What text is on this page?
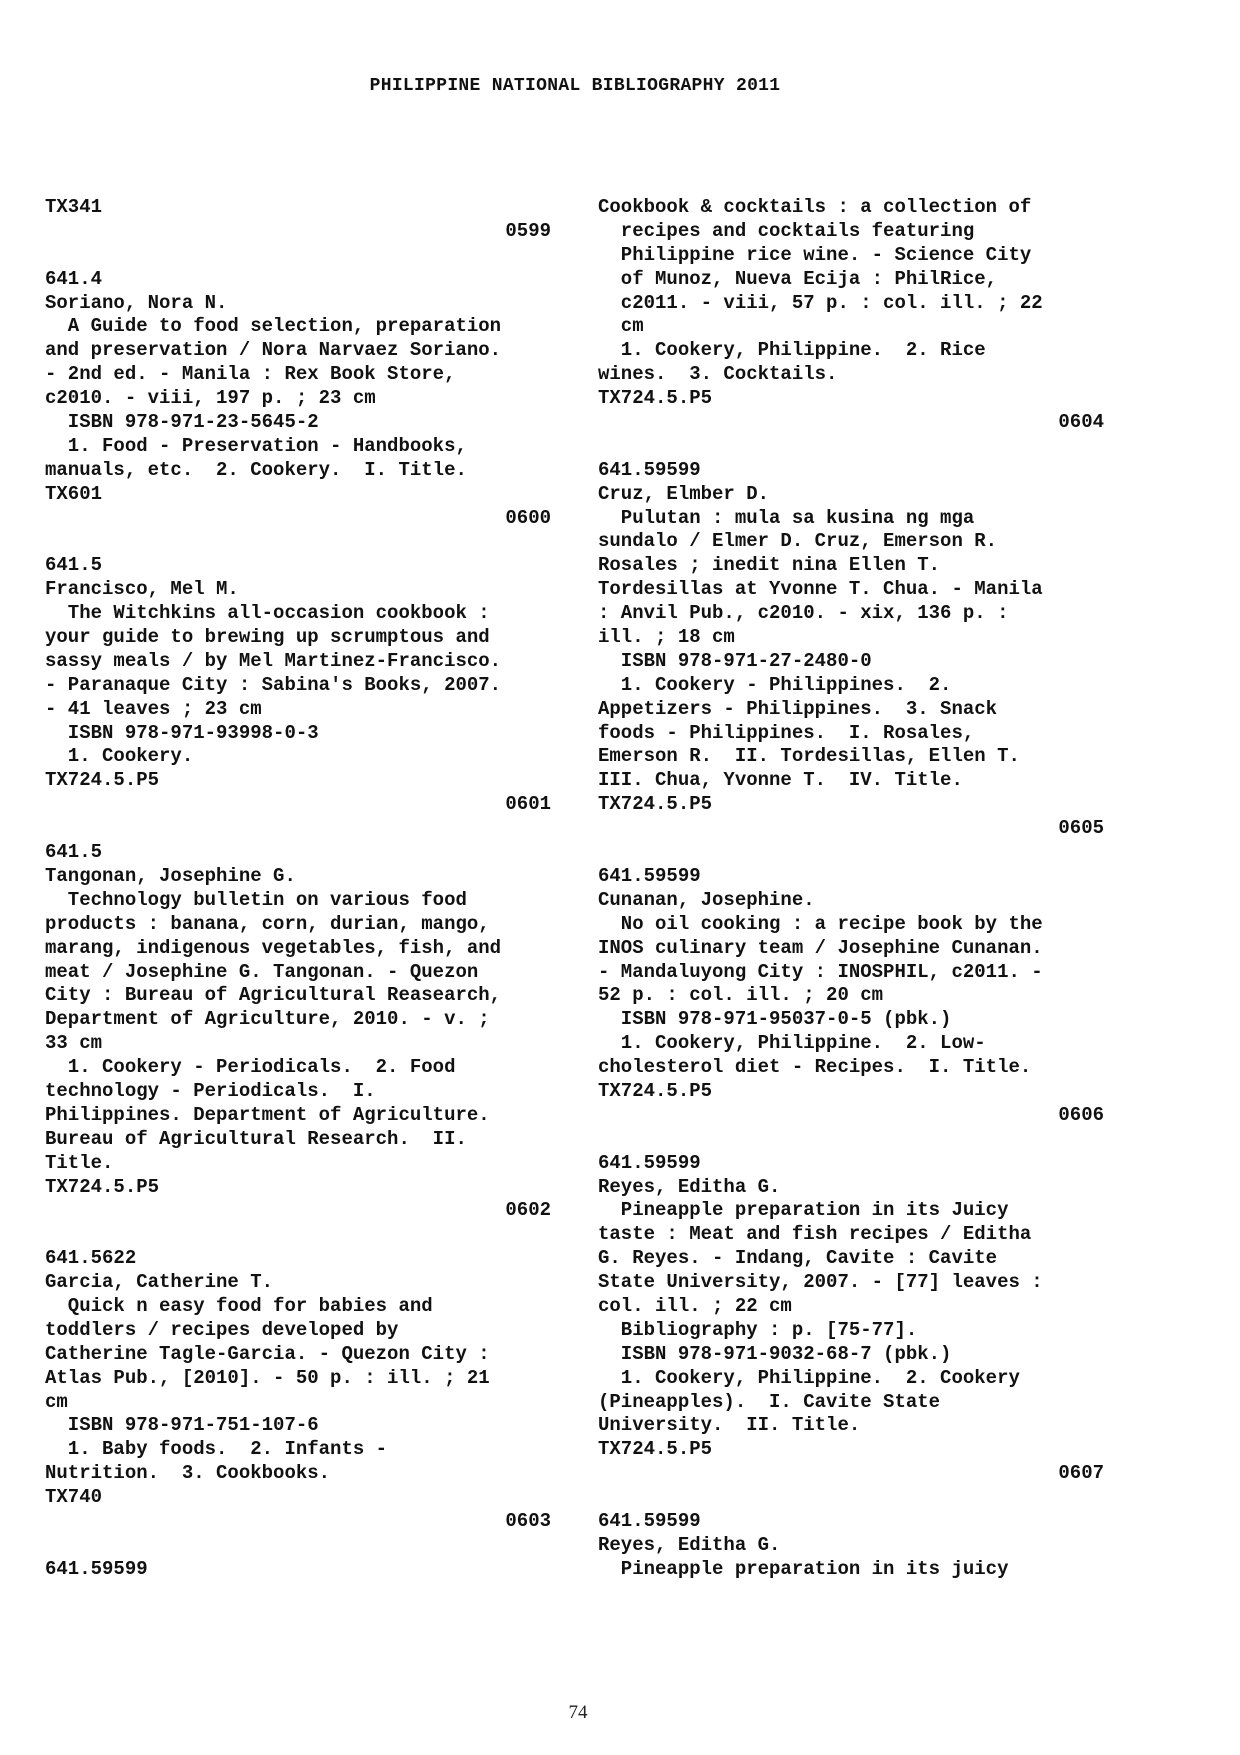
PHILIPPINE NATIONAL BIBLIOGRAPHY 2011
TX341
0599
641.4
Soriano, Nora N.
A Guide to food selection, preparation
and preservation / Nora Narvaez Soriano.
- 2nd ed. - Manila : Rex Book Store,
c2010. - viii, 197 p. ; 23 cm
ISBN 978-971-23-5645-2
1. Food - Preservation - Handbooks,
manuals, etc.  2. Cookery.  I. Title.
TX601
0600
641.5
Francisco, Mel M.
The Witchkins all-occasion cookbook :
your guide to brewing up scrumptous and
sassy meals / by Mel Martinez-Francisco.
- Paranaque City : Sabina's Books, 2007.
- 41 leaves ; 23 cm
ISBN 978-971-93998-0-3
1. Cookery.
TX724.5.P5
0601
641.5
Tangonan, Josephine G.
Technology bulletin on various food
products : banana, corn, durian, mango,
marang, indigenous vegetables, fish, and
meat / Josephine G. Tangonan. - Quezon
City : Bureau of Agricultural Reasearch,
Department of Agriculture, 2010. - v. ;
33 cm
1. Cookery - Periodicals.  2. Food
technology - Periodicals.  I.
Philippines. Department of Agriculture.
Bureau of Agricultural Research.  II.
Title.
TX724.5.P5
0602
641.5622
Garcia, Catherine T.
Quick n easy food for babies and
toddlers / recipes developed by
Catherine Tagle-Garcia. - Quezon City :
Atlas Pub., [2010]. - 50 p. : ill. ; 21
cm
ISBN 978-971-751-107-6
1. Baby foods.  2. Infants -
Nutrition.  3. Cookbooks.
TX740
0603
641.59599
Cookbook & cocktails : a collection of
recipes and cocktails featuring
Philippine rice wine. - Science City
of Munoz, Nueva Ecija : PhilRice,
c2011. - viii, 57 p. : col. ill. ; 22
cm
1. Cookery, Philippine.  2. Rice
wines.  3. Cocktails.
TX724.5.P5
0604
641.59599
Cruz, Elmber D.
Pulutan : mula sa kusina ng mga
sundalo / Elmer D. Cruz, Emerson R.
Rosales ; inedit nina Ellen T.
Tordesillas at Yvonne T. Chua. - Manila
: Anvil Pub., c2010. - xix, 136 p. :
ill. ; 18 cm
ISBN 978-971-27-2480-0
1. Cookery - Philippines.  2.
Appetizers - Philippines.  3. Snack
foods - Philippines.  I. Rosales,
Emerson R.  II. Tordesillas, Ellen T.
III. Chua, Yvonne T.  IV. Title.
TX724.5.P5
0605
641.59599
Cunanan, Josephine.
No oil cooking : a recipe book by the
INOS culinary team / Josephine Cunanan.
- Mandaluyong City : INOSPHIL, c2011. -
52 p. : col. ill. ; 20 cm
ISBN 978-971-95037-0-5 (pbk.)
1. Cookery, Philippine.  2. Low-
cholesterol diet - Recipes.  I. Title.
TX724.5.P5
0606
641.59599
Reyes, Editha G.
Pineapple preparation in its Juicy
taste : Meat and fish recipes / Editha
G. Reyes. - Indang, Cavite : Cavite
State University, 2007. - [77] leaves :
col. ill. ; 22 cm
Bibliography : p. [75-77].
ISBN 978-971-9032-68-7 (pbk.)
1. Cookery, Philippine.  2. Cookery
(Pineapples).  I. Cavite State
University.  II. Title.
TX724.5.P5
0607
641.59599
Reyes, Editha G.
Pineapple preparation in its juicy
74
